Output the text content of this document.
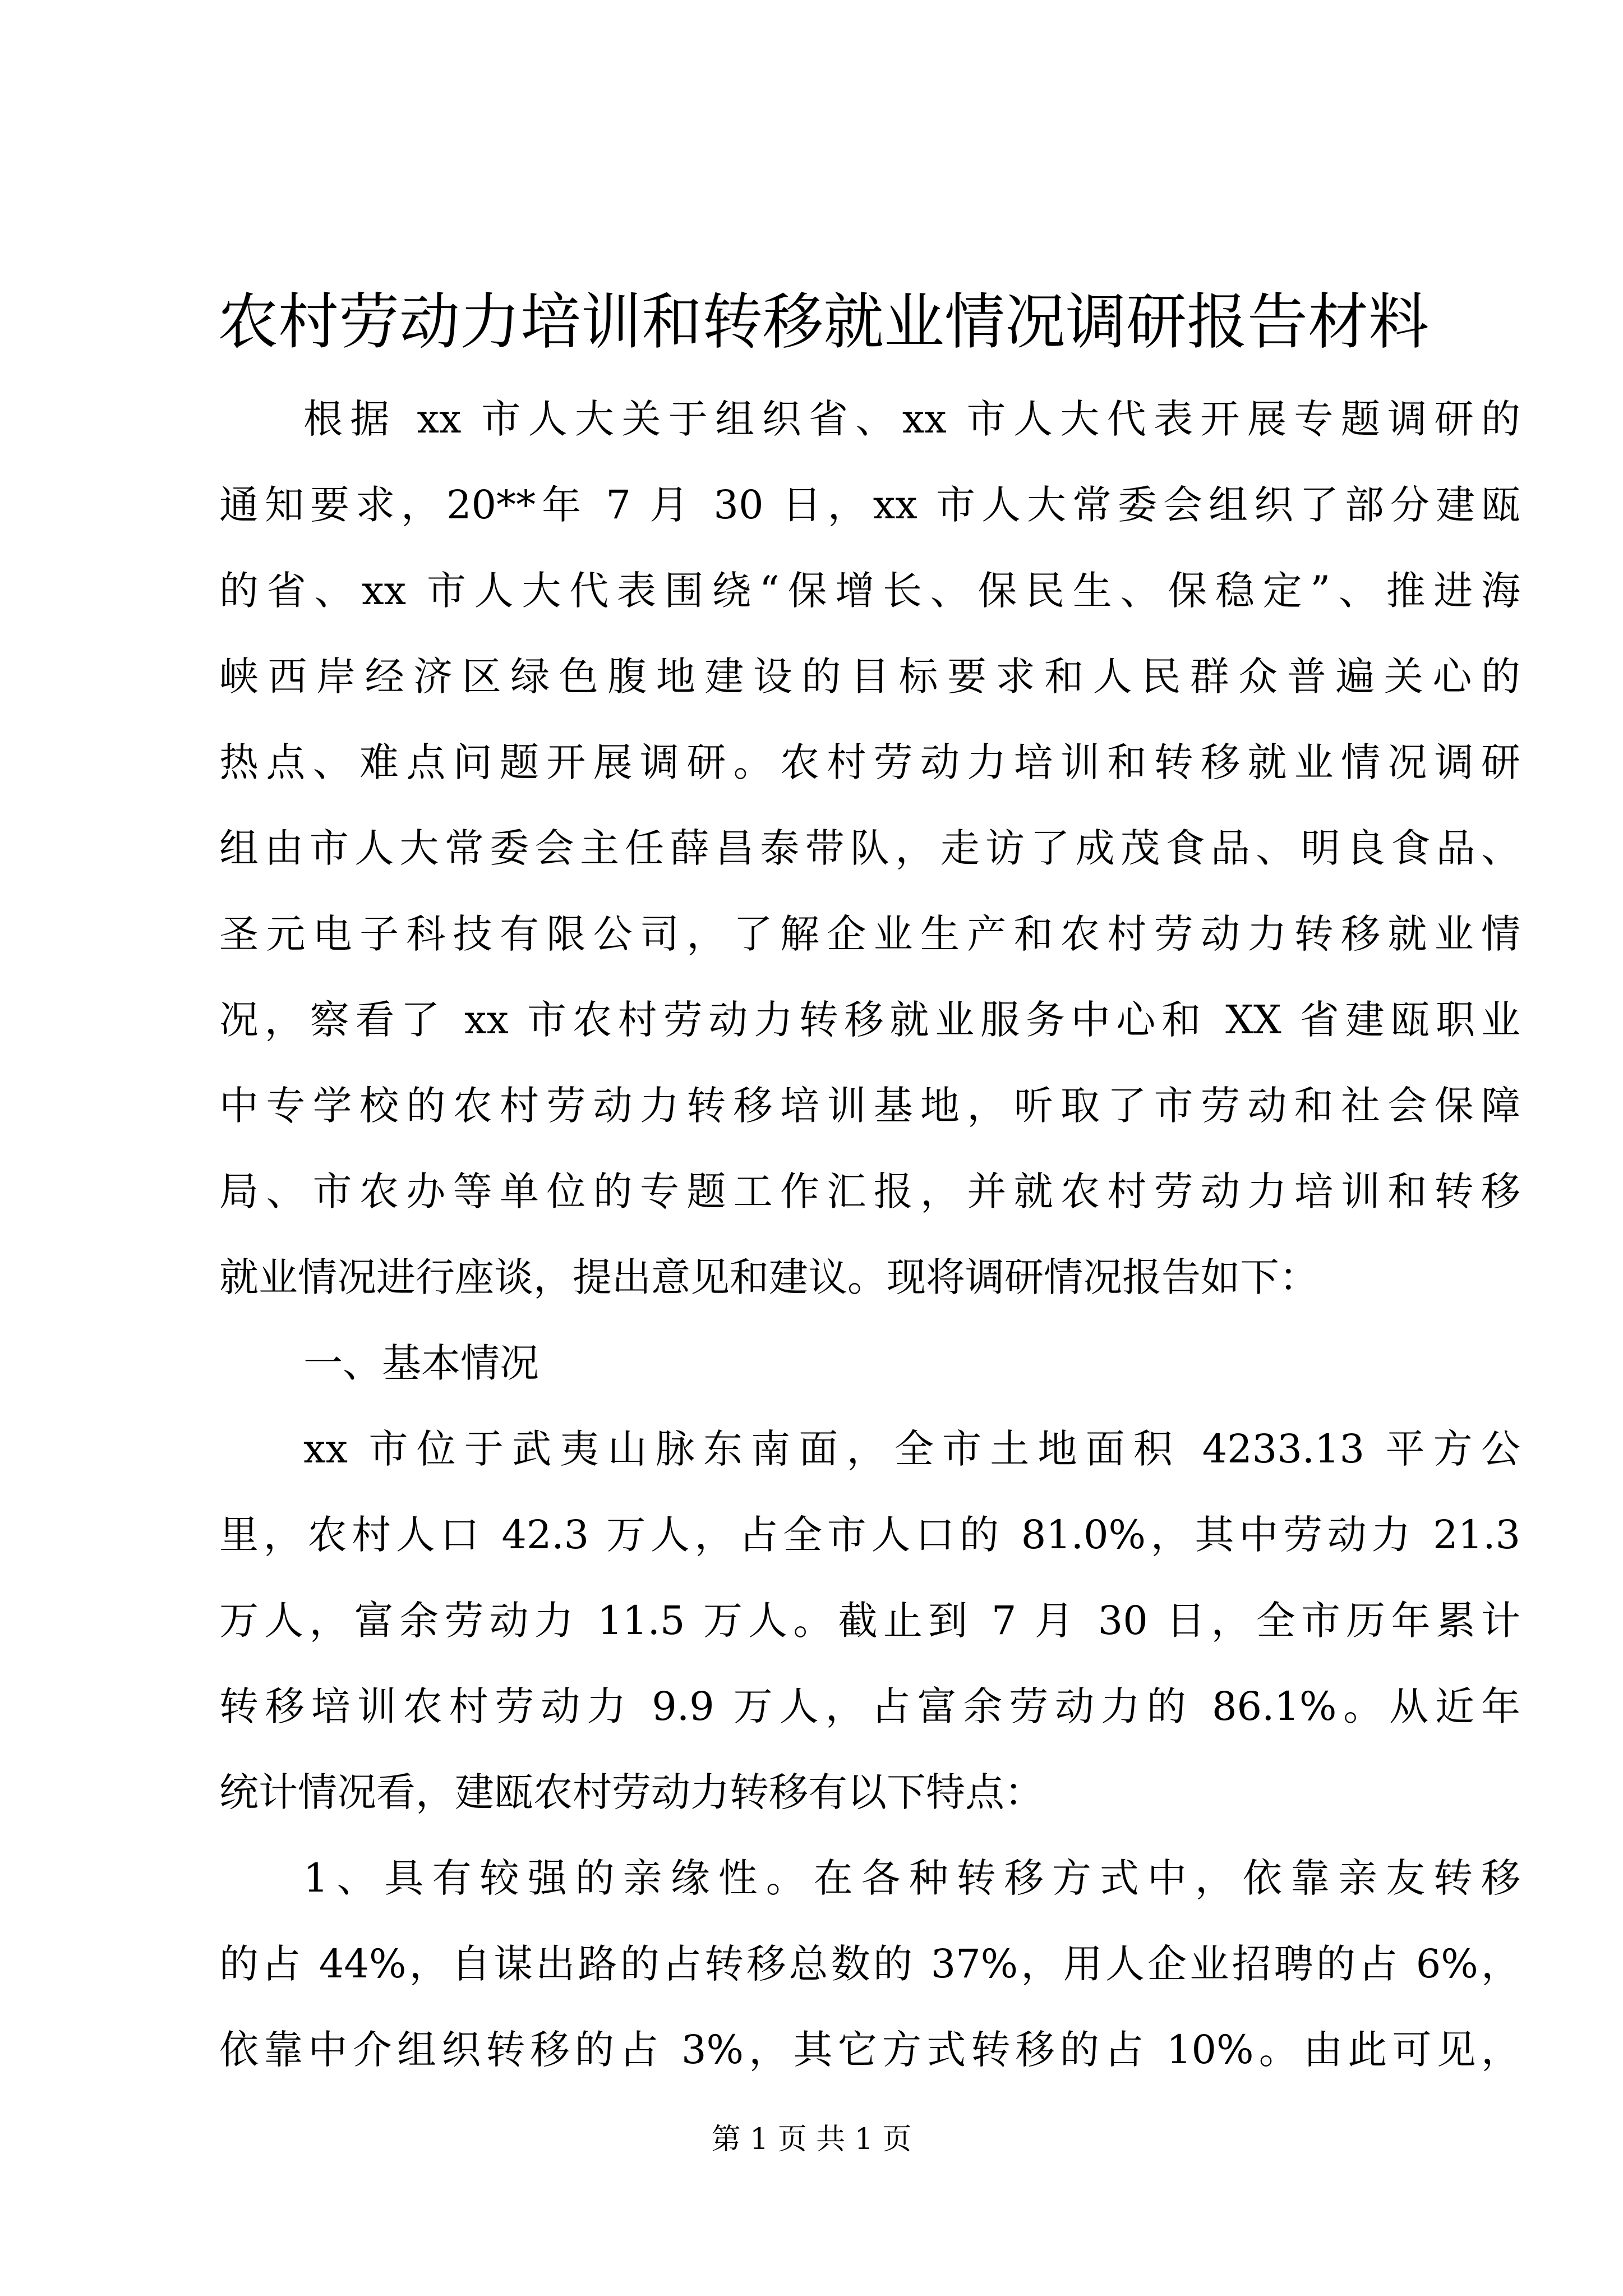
农村劳动力培训和转移就业情况调研报告材料
根据 xx 市人大关于组织省、xx 市人大代表开展专题调研的
通知要求，20**年 7 月 30 日，xx 市人大常委会组织了部分建瓯
的省、xx 市人大代表围绕“保增长、保民生、保稳定”、推进海
峡西岸经济区绿色腹地建设的目标要求和人民群众普遍关心的
热点、难点问题开展调研。农村劳动力培训和转移就业情况调研
组由市人大常委会主任薛昌泰带队，走访了成茂食品、明良食品、
圣元电子科技有限公司，了解企业生产和农村劳动力转移就业情
况，察看了 xx 市农村劳动力转移就业服务中心和 XX 省建瓯职业
中专学校的农村劳动力转移培训基地，听取了市劳动和社会保障
局、市农办等单位的专题工作汇报，并就农村劳动力培训和转移
就业情况进行座谈，提出意见和建议。现将调研情况报告如下：
一、基本情况
xx 市位于武夷山脉东南面，全市土地面积 4233.13 平方公
里，农村人口 42.3 万人，占全市人口的 81.0%，其中劳动力 21.3
万人，富余劳动力 11.5 万人。截止到 7 月 30 日，全市历年累计
转移培训农村劳动力 9.9 万人，占富余劳动力的 86.1%。从近年
统计情况看，建瓯农村劳动力转移有以下特点：
1、具有较强的亲缘性。在各种转移方式中，依靠亲友转移
的占 44%，自谋出路的占转移总数的 37%，用人企业招聘的占 6%，
依靠中介组织转移的占 3%，其它方式转移的占 10%。由此可见，
第 1 页 共 1 页
